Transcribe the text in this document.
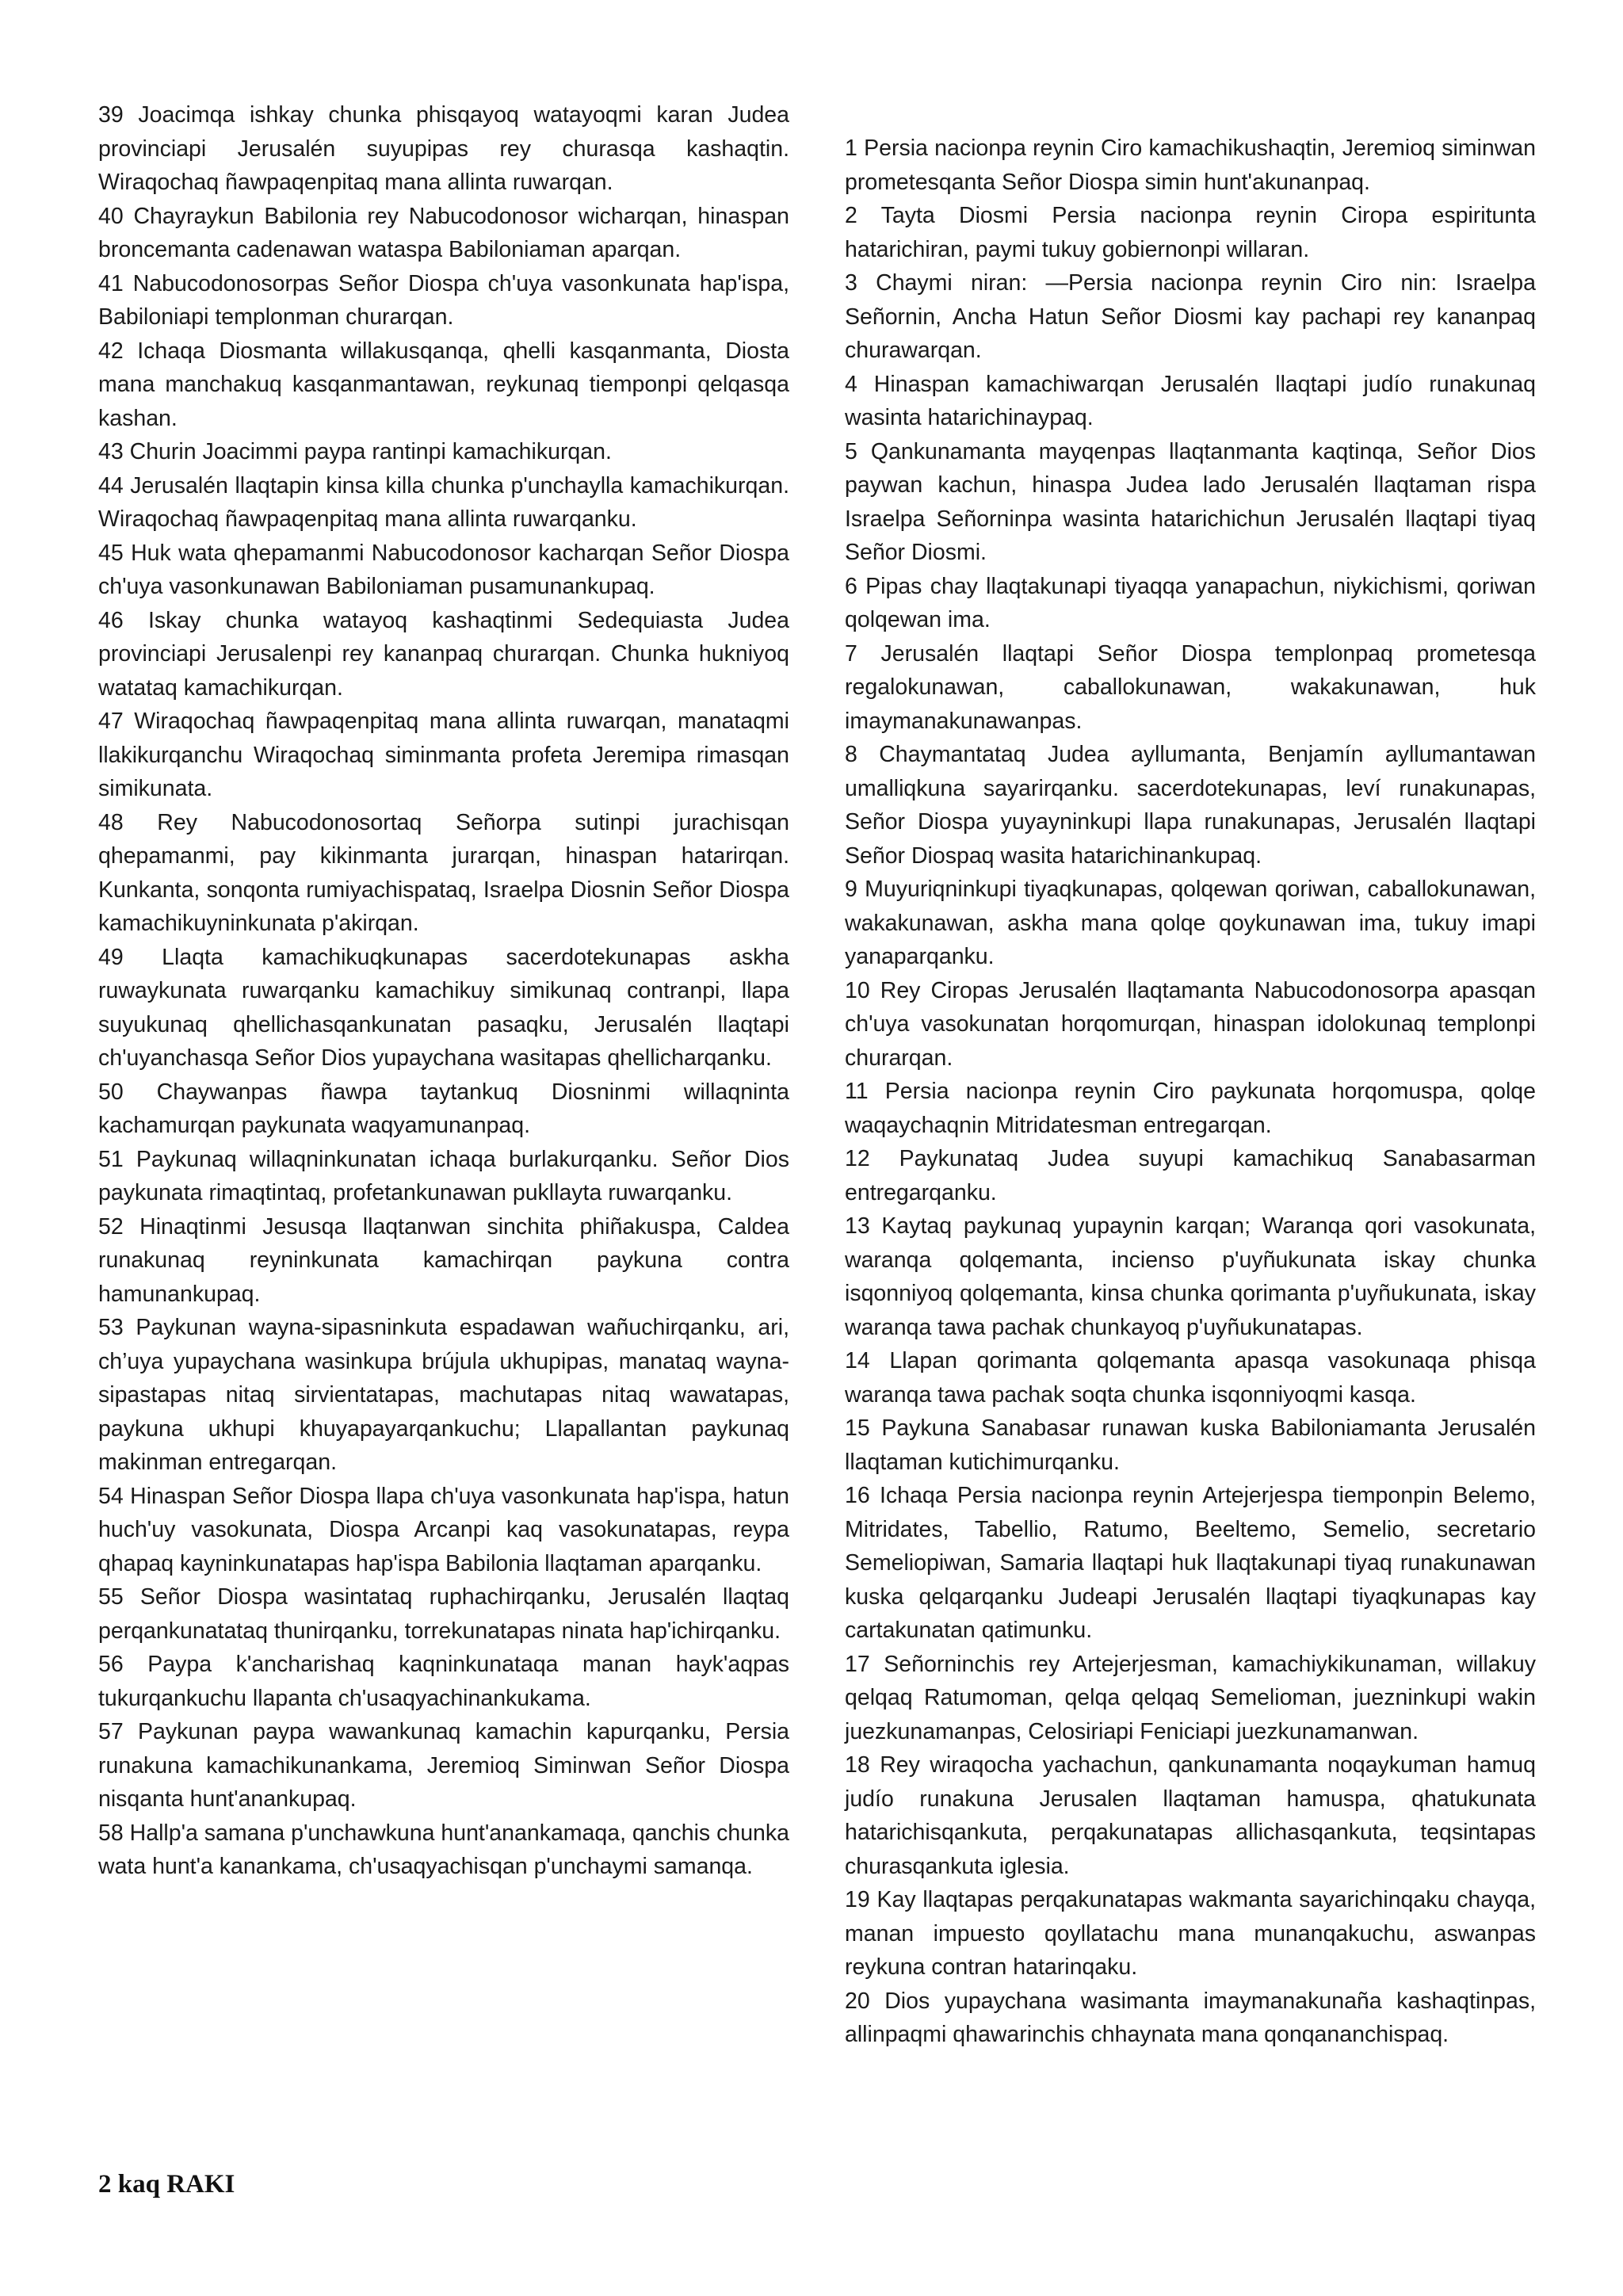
39 Joacimqa ishkay chunka phisqayoq watayoqmi karan Judea provinciapi Jerusalén suyupipas rey churasqa kashaqtin. Wiraqochaq ñawpaqenpitaq mana allinta ruwarqan.

40 Chayraykun Babilonia rey Nabucodonosor wicharqan, hinaspan broncemanta cadenawan wataspa Babiloniaman aparqan.

41 Nabucodonosorpas Señor Diospa ch'uya vasonkunata hap'ispa, Babiloniapi templonman churarqan.

42 Ichaqa Diosmanta willakusqanqa, qhelli kasqanmanta, Diosta mana manchakuq kasqanmantawan, reykunaq tiemponpi qelqasqa kashan.

43 Churin Joacimmi paypa rantinpi kamachikurqan.

44 Jerusalén llaqtapin kinsa killa chunka p'unchaylla kamachikurqan. Wiraqochaq ñawpaqenpitaq mana allinta ruwarqanku.

45 Huk wata qhepamanmi Nabucodonosor kacharqan Señor Diospa ch'uya vasonkunawan Babiloniaman pusamunankupaq.

46 Iskay chunka watayoq kashaqtinmi Sedequiasta Judea provinciapi Jerusalenpi rey kananpaq churarqan. Chunka hukniyoq watataq kamachikurqan.

47 Wiraqochaq ñawpaqenpitaq mana allinta ruwarqan, manataqmi llakikurqanchu Wiraqochaq siminmanta profeta Jeremipa rimasqan simikunata.

48 Rey Nabucodonosortaq Señorpa sutinpi jurachisqan qhepamanmi, pay kikinmanta jurarqan, hinaspan hatarirqan. Kunkanta, sonqonta rumiyachispataq, Israelpa Diosnin Señor Diospa kamachikuyninkunata p'akirqan.

49 Llaqta kamachikuqkunapas sacerdotekunapas askha ruwaykunata ruwarqanku kamachikuy simikunaq contranpi, llapa suyukunaq qhellichasqankunatan pasaqku, Jerusalén llaqtapi ch'uyanchasqa Señor Dios yupaychana wasitapas qhellicharqanku.

50 Chaywanpas ñawpa taytankuq Diosninmi willaqninta kachamurqan paykunata waqyamunanpaq.

51 Paykunaq willaqninkunatan ichaqa burlakurqanku. Señor Dios paykunata rimaqtintaq, profetankunawan pukllayta ruwarqanku.

52 Hinaqtinmi Jesusqa llaqtanwan sinchita phiñakuspa, Caldea runakunaq reyninkunata kamachirqan paykuna contra hamunankupaq.

53 Paykunan wayna-sipasninkuta espadawan wañuchirqanku, ari, ch’uya yupaychana wasinkupa brújula ukhupipas, manataq wayna-sipastapas nitaq sirvientatapas, machutapas nitaq wawatapas, paykuna ukhupi khuyapayarqankuchu; Llapallantan paykunaq makinman entregarqan.

54 Hinaspan Señor Diospa llapa ch'uya vasonkunata hap'ispa, hatun huch'uy vasokunata, Diospa Arcanpi kaq vasokunatapas, reypa qhapaq kayninkunatapas hap'ispa Babilonia llaqtaman aparqanku.

55 Señor Diospa wasintataq ruphachirqanku, Jerusalén llaqtaq perqankunatataq thunirqanku, torrekunatapas ninata hap'ichirqanku.

56 Paypa k'ancharishaq kaqninkunataqa manan hayk'aqpas tukurqankuchu llapanta ch'usaqyachinankukama.

57 Paykunan paypa wawankunaq kamachin kapurqanku, Persia runakuna kamachikunankama, Jeremioq Siminwan Señor Diospa nisqanta hunt'anankupaq.

58 Hallp'a samana p'unchawkuna hunt'anankamaqa, qanchis chunka wata hunt'a kanankama, ch'usaqyachisqan p'unchaymi samanqa.

1 Persia nacionpa reynin Ciro kamachikushaqtin, Jeremioq siminwan prometesqanta Señor Diospa simin hunt'akunanpaq.

2 Tayta Diosmi Persia nacionpa reynin Ciropa espirituntа hatarichiran, paymi tukuy gobiernonpi willaran.

3 Chaymi niran: —Persia nacionpa reynin Ciro nin: Israelpa Señornin, Ancha Hatun Señor Diosmi kay pachapi rey kananpaq churawarqan.

4 Hinaspan kamachiwarqan Jerusalén llaqtapi judío runakunaq wasinta hatarichinaypaq.

5 Qankunamanta mayqenpas llaqtanmanta kaqtinqa, Señor Dios paywan kachun, hinaspa Judea lado Jerusalén llaqtaman rispa Israelpa Señorninpa wasinta hatarichichun Jerusalén llaqtapi tiyaq Señor Diosmi.

6 Pipas chay llaqtakunapi tiyaqqa yanapachun, niykichismi, qoriwan qolqewan ima.

7 Jerusalén llaqtapi Señor Diospa templonpaq prometesqa regalokunawan, caballokunawan, wakakunawan, huk imaymanakunawanpas.

8 Chaymantataq Judea ayllumanta, Benjamín ayllumantawan umalliqkuna sayarirqanku. sacerdotekunapas, leví runakunapas, Señor Diospa yuyayninkupi llapa runakunapas, Jerusalén llaqtapi Señor Diospaq wasita hatarichinankupaq.

9 Muyuriqninkupi tiyaqkunapas, qolqewan qoriwan, caballokunawan, wakakunawan, askha mana qolqe qoykunawan ima, tukuy imapi yanaparqanku.

10 Rey Ciropas Jerusalén llaqtamanta Nabucodonosorpa apasqan ch'uya vasokunatan horqomurqan, hinaspan idolokunaq templonpi churarqan.

11 Persia nacionpa reynin Ciro paykunata horqomuspa, qolqe waqaychaqnin Mitridatesman entregarqan.

12 Paykunataq Judea suyupi kamachikuq Sanabasarman entregarqanku.

13 Kaytaq paykunaq yupaynin karqan; Waranqa qori vasokunata, waranqa qolqemanta, incienso p'uyñukunata iskay chunka isqonniyoq qolqemanta, kinsa chunka qorimanta p'uyñukunata, iskay waranqa tawa pachak chunkayoq p'uyñukunatapas.

14 Llapan qorimanta qolqemanta apasqa vasokunaqa phisqa waranqa tawa pachak soqta chunka isqonniyoqmi kasqa.

15 Paykuna Sanabasar runawan kuska Babiloniamanta Jerusalén llaqtaman kutichimurqanku.

16 Ichaqa Persia nacionpa reynin Artejerjespa tiemponpin Belemo, Mitridates, Tabellio, Ratumo, Beeltemo, Semelio, secretario Semeliopiwan, Samaria llaqtapi huk llaqtakunapi tiyaq runakunawan kuska qelqarqanku Judeapi Jerusalén llaqtapi tiyaqkunapas kay cartakunatan qatimunku.

17 Señorninchis rey Artejerjesman, kamachiykikunaman, willakuy qelqaq Ratumoman, qelqa qelqaq Semelioman, juezninkupi wakin juezkunamanpas, Celosiriapi Feniciapi juezkunamanwan.

18 Rey wiraqocha yachachun, qankunamanta noqaykuman hamuq judío runakuna Jerusalen llaqtaman hamuspa, qhatukunata hatarichisqankuta, perqakunatapas allichasqankuta, teqsintapas churasqankuta iglesia.

19 Kay llaqtapas perqakunatapas wakmanta sayarichinqaku chayqa, manan impuesto qoyllatachu mana munanqakuchu, aswanpas reykuna contran hatarinqaku.

20 Dios yupaychana wasimanta imaymanakunaña kashaqtinpas, allinpaqmi qhawarinchis chhaynata mana qonqananchispaq.

2 kaq RAKI
